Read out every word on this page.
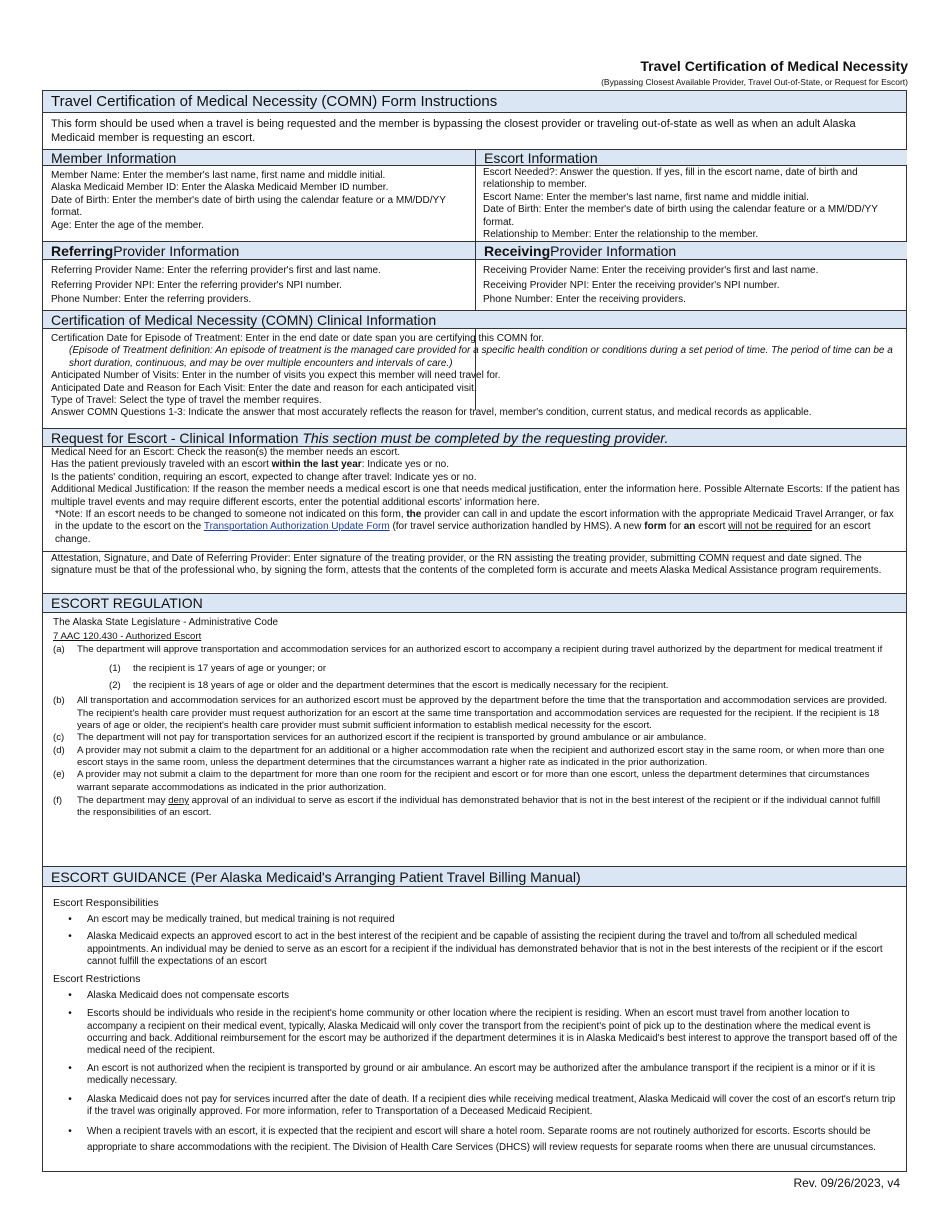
Travel Certification of Medical Necessity
(Bypassing Closest Available Provider, Travel Out-of-State, or Request for Escort)
Travel Certification of Medical Necessity (COMN) Form Instructions
This form should be used when a travel is being requested and the member is bypassing the closest provider or traveling out-of-state as well as when an adult Alaska Medicaid member is requesting an escort.
Member Information	Escort Information
Member Name: Enter the member's last name, first name and middle initial.
Alaska Medicaid Member ID: Enter the Alaska Medicaid Member ID number.
Date of Birth: Enter the member's date of birth using the calendar feature or a MM/DD/YY format.
Age: Enter the age of the member.
Escort Needed?: Answer the question. If yes, fill in the escort name, date of birth and relationship to member.
Escort Name: Enter the member's last name, first name and middle initial.
Date of Birth: Enter the member's date of birth using the calendar feature or a MM/DD/YY format.
Relationship to Member: Enter the relationship to the member.
Referring Provider Information	Receiving Provider Information
Referring Provider Name: Enter the referring provider's first and last name.
Referring Provider NPI: Enter the referring provider's NPI number.
Phone Number: Enter the referring providers.
Receiving Provider Name: Enter the receiving provider's first and last name.
Receiving Provider NPI: Enter the receiving provider's NPI number.
Phone Number: Enter the receiving providers.
Certification of Medical Necessity (COMN) Clinical Information
Certification Date for Episode of Treatment: Enter in the end date or date span you are certifying this COMN for.
(Episode of Treatment definition: An episode of treatment is the managed care provided for a specific health condition or conditions during a set period of time. The period of time can be a short duration, continuous, and may be over multiple encounters and intervals of care.)
Anticipated Number of Visits: Enter in the number of visits you expect this member will need travel for.
Anticipated Date and Reason for Each Visit: Enter the date and reason for each anticipated visit.
Type of Travel: Select the type of travel the member requires.
Answer COMN Questions 1-3: Indicate the answer that most accurately reflects the reason for travel, member's condition, current status, and medical records as applicable.
Request for Escort - Clinical Information
This section must be completed by the requesting provider.
Medical Need for an Escort: Check the reason(s) the member needs an escort.
Has the patient previously traveled with an escort within the last year: Indicate yes or no.
Is the patients' condition, requiring an escort, expected to change after travel: Indicate yes or no.
Additional Medical Justification: If the reason the member needs a medical escort is one that needs medical justification, enter the information here. Possible Alternate Escorts: If the patient has multiple travel events and may require different escorts, enter the potential additional escorts' information here.
*Note: If an escort needs to be changed to someone not indicated on this form, the provider can call in and update the escort information with the appropriate Medicaid Travel Arranger, or fax in the update to the escort on the Transportation Authorization Update Form (for travel service authorization handled by HMS). A new form for an escort will not be required for an escort change.
Attestation, Signature, and Date of Referring Provider: Enter signature of the treating provider, or the RN assisting the treating provider, submitting COMN request and date signed. The signature must be that of the professional who, by signing the form, attests that the contents of the completed form is accurate and meets Alaska Medical Assistance program requirements.
ESCORT REGULATION

The Alaska State Legislature - Administrative Code

7 AAC 120.430 - Authorized Escort

(a)	The department will approve transportation and accommodation services for an authorized escort to accompany a recipient during travel authorized by the department for medical treatment if
(1)	the recipient is 17 years of age or younger; or
(2)	the recipient is 18 years of age or older and the department determines that the escort is medically necessary for the recipient.
(b)	All transportation and accommodation services for an authorized escort must be approved by the department before the time that the transportation and accommodation services are provided. The recipient's health care provider must request authorization for an escort at the same time transportation and accommodation services are requested for the recipient. If the recipient is 18 years of age or older, the recipient's health care provider must submit sufficient information to establish medical necessity for the escort.
(c)	The department will not pay for transportation services for an authorized escort if the recipient is transported by ground ambulance or air ambulance.
(d)	A provider may not submit a claim to the department for an additional or a higher accommodation rate when the recipient and authorized escort stay in the same room, or when more than one escort stays in the same room, unless the department determines that the circumstances warrant a higher rate as indicated in the prior authorization.
(e)	A provider may not submit a claim to the department for more than one room for the recipient and escort or for more than one escort, unless the department determines that circumstances warrant separate accommodations as indicated in the prior authorization.
(f)	The department may deny approval of an individual to serve as escort if the individual has demonstrated behavior that is not in the best interest of the recipient or if the individual cannot fulfill the responsibilities of an escort.
ESCORT GUIDANCE (Per Alaska Medicaid's Arranging Patient Travel Billing Manual)
Escort Responsibilities
•	An escort may be medically trained, but medical training is not required
•	Alaska Medicaid expects an approved escort to act in the best interest of the recipient and be capable of assisting the recipient during the travel and to/from all scheduled medical appointments. An individual may be denied to serve as an escort for a recipient if the individual has demonstrated behavior that is not in the best interests of the recipient or if the escort cannot fulfill the expectations of an escort
Escort Restrictions
•	Alaska Medicaid does not compensate escorts
•	Escorts should be individuals who reside in the recipient's home community or other location where the recipient is residing. When an escort must travel from another location to accompany a recipient on their medical event, typically, Alaska Medicaid will only cover the transport from the recipient's point of pick up to the destination where the medical event is occurring and back. Additional reimbursement for the escort may be authorized if the department determines it is in Alaska Medicaid's best interest to approve the transport based off of the medical need of the recipient.
•	An escort is not authorized when the recipient is transported by ground or air ambulance. An escort may be authorized after the ambulance transport if the recipient is a minor or if it is medically necessary.
•	Alaska Medicaid does not pay for services incurred after the date of death. If a recipient dies while receiving medical treatment, Alaska Medicaid will cover the cost of an escort's return trip if the travel was originally approved. For more information, refer to Transportation of a Deceased Medicaid Recipient.
•	When a recipient travels with an escort, it is expected that the recipient and escort will share a hotel room. Separate rooms are not routinely authorized for escorts. Escorts should be appropriate to share accommodations with the recipient. The Division of Health Care Services (DHCS) will review requests for separate rooms when there are unusual circumstances.
Rev. 09/26/2023, v4
